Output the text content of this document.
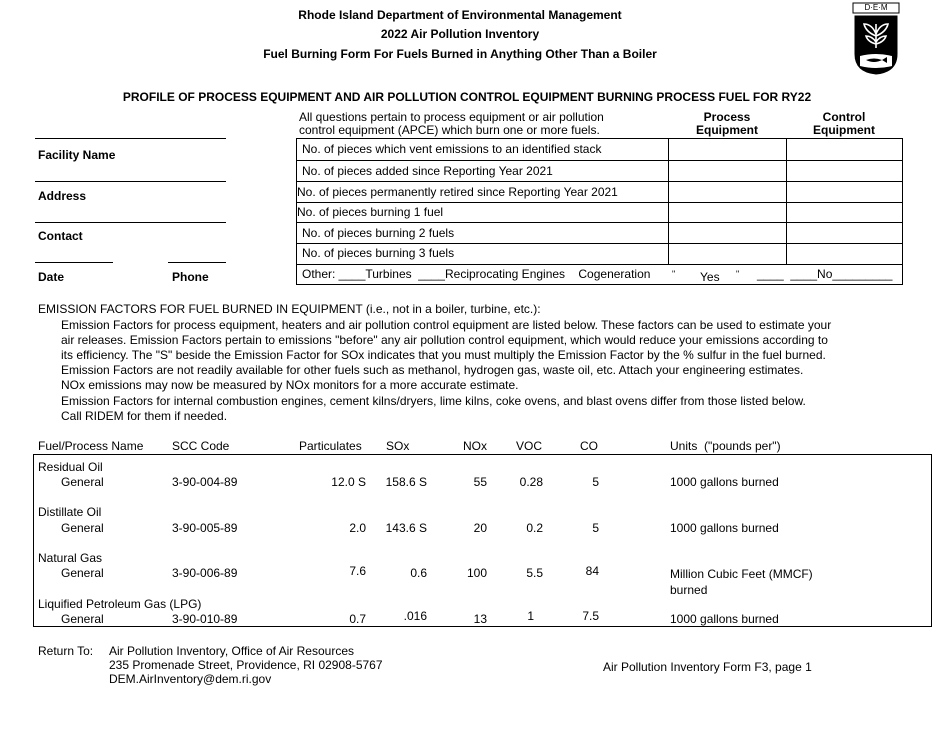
Rhode Island Department of Environmental Management
2022 Air Pollution Inventory
Fuel Burning Form For Fuels Burned in Anything Other Than a Boiler
D·E·M
PROFILE OF PROCESS EQUIPMENT AND AIR POLLUTION CONTROL EQUIPMENT BURNING PROCESS FUEL FOR RY22
Facility Name
Address
Contact
Date	Phone
All questions pertain to process equipment or air pollution
control equipment (APCE) which burn one or more fuels.
Process
Equipment
Control
Equipment
No. of pieces which vent emissions to an identified stack
No. of pieces added since Reporting Year 2021
No. of pieces permanently retired since Reporting Year 2021
No. of pieces burning 1 fuel
No. of pieces burning 2 fuels
No. of pieces burning 3 fuels
Other: ____Turbines  ____Reciprocating Engines    Cogeneration " Yes " ____  ____No_________
EMISSION FACTORS FOR FUEL BURNED IN EQUIPMENT (i.e., not in a boiler, turbine, etc.):
Emission Factors for process equipment, heaters and air pollution control equipment are listed below. These factors can be used to estimate your
air releases. Emission Factors pertain to emissions "before" any air pollution control equipment, which would reduce your emissions according to
its efficiency. The "S" beside the Emission Factor for SOx indicates that you must multiply the Emission Factor by the % sulfur in the fuel burned.
Emission Factors are not readily available for other fuels such as methanol, hydrogen gas, waste oil, etc. Attach your engineering estimates.
NOx emissions may now be measured by NOx monitors for a more accurate estimate.
Emission Factors for internal combustion engines, cement kilns/dryers, lime kilns, coke ovens, and blast ovens differ from those listed below.
Call RIDEM for them if needed.
Fuel/Process Name SCC Code	Particulates SOx	NOx VOC	CO	Units  ("pounds per")
Residual Oil
General	3-90-004-89	12.0 S	158.6 S	55	0.28	5	1000 gallons burned
Distillate Oil
General	3-90-005-89	2.0	143.6 S	20	0.2	5	1000 gallons burned
Natural Gas
General	3-90-006-89	7.6	0.6	100	5.5	84	Million Cubic Feet (MMCF)
burned
Liquified Petroleum Gas (LPG)
General	3-90-010-89	0.7	.016	13	1	7.5	1000 gallons burned
Return To: Air Pollution Inventory, Office of Air Resources
235 Promenade Street, Providence, RI 02908-5767
DEM.AirInventory@dem.ri.gov
Air Pollution Inventory Form F3, page 1
